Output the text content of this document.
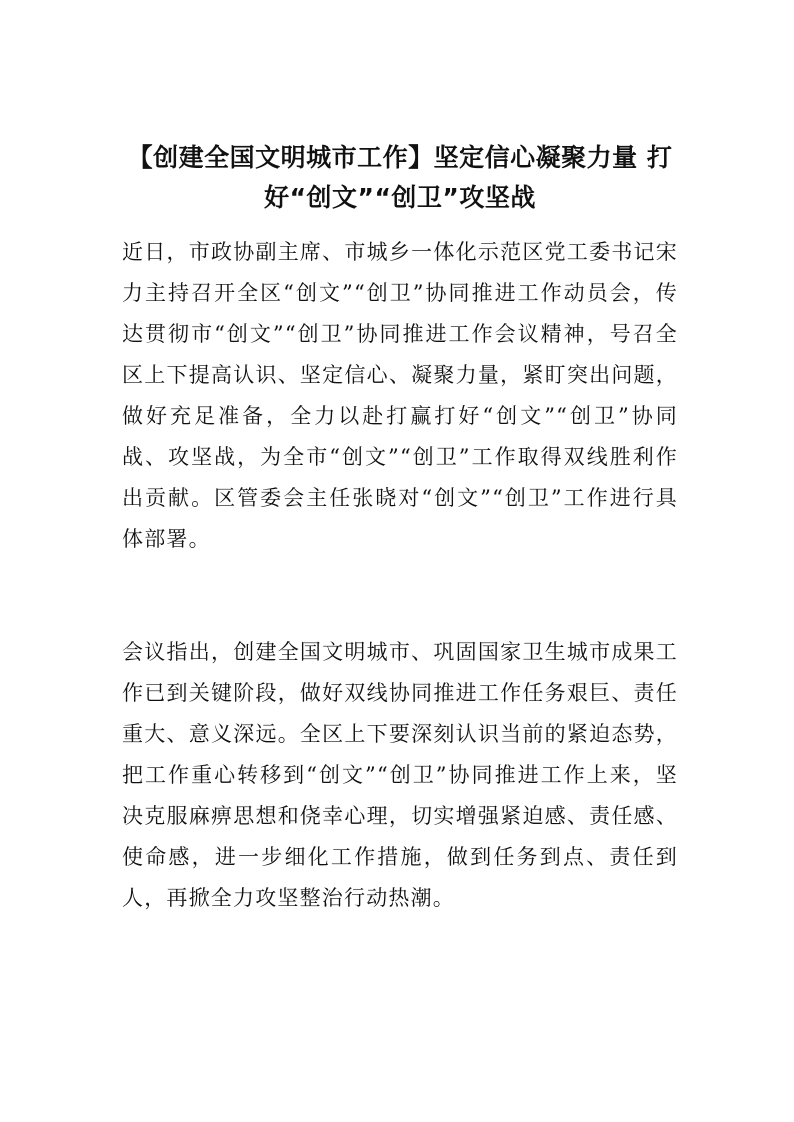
【创建全国文明城市工作】坚定信心凝聚力量 打好“创文”“创卫”攻坚战

近日，市政协副主席、市城乡一体化示范区党工委书记宋力主持召开全区“创文”“创卫”协同推进工作动员会，传达贯彻市“创文”“创卫”协同推进工作会议精神，号召全区上下提高认识、坚定信心、凝聚力量，紧盯突出问题，做好充足准备，全力以赴打赢打好“创文”“创卫”协同战、攻坚战，为全市“创文”“创卫”工作取得双线胜利作出贡献。区管委会主任张晓对“创文”“创卫”工作进行具体部署。

会议指出，创建全国文明城市、巩固国家卫生城市成果工作已到关键阶段，做好双线协同推进工作任务艰巨、责任重大、意义深远。全区上下要深刻认识当前的紧迫态势，把工作重心转移到“创文”“创卫”协同推进工作上来，坚决克服麻痹思想和侥幸心理，切实增强紧迫感、责任感、使命感，进一步细化工作措施，做到任务到点、责任到人，再掀全力攻坚整治行动热潮。
